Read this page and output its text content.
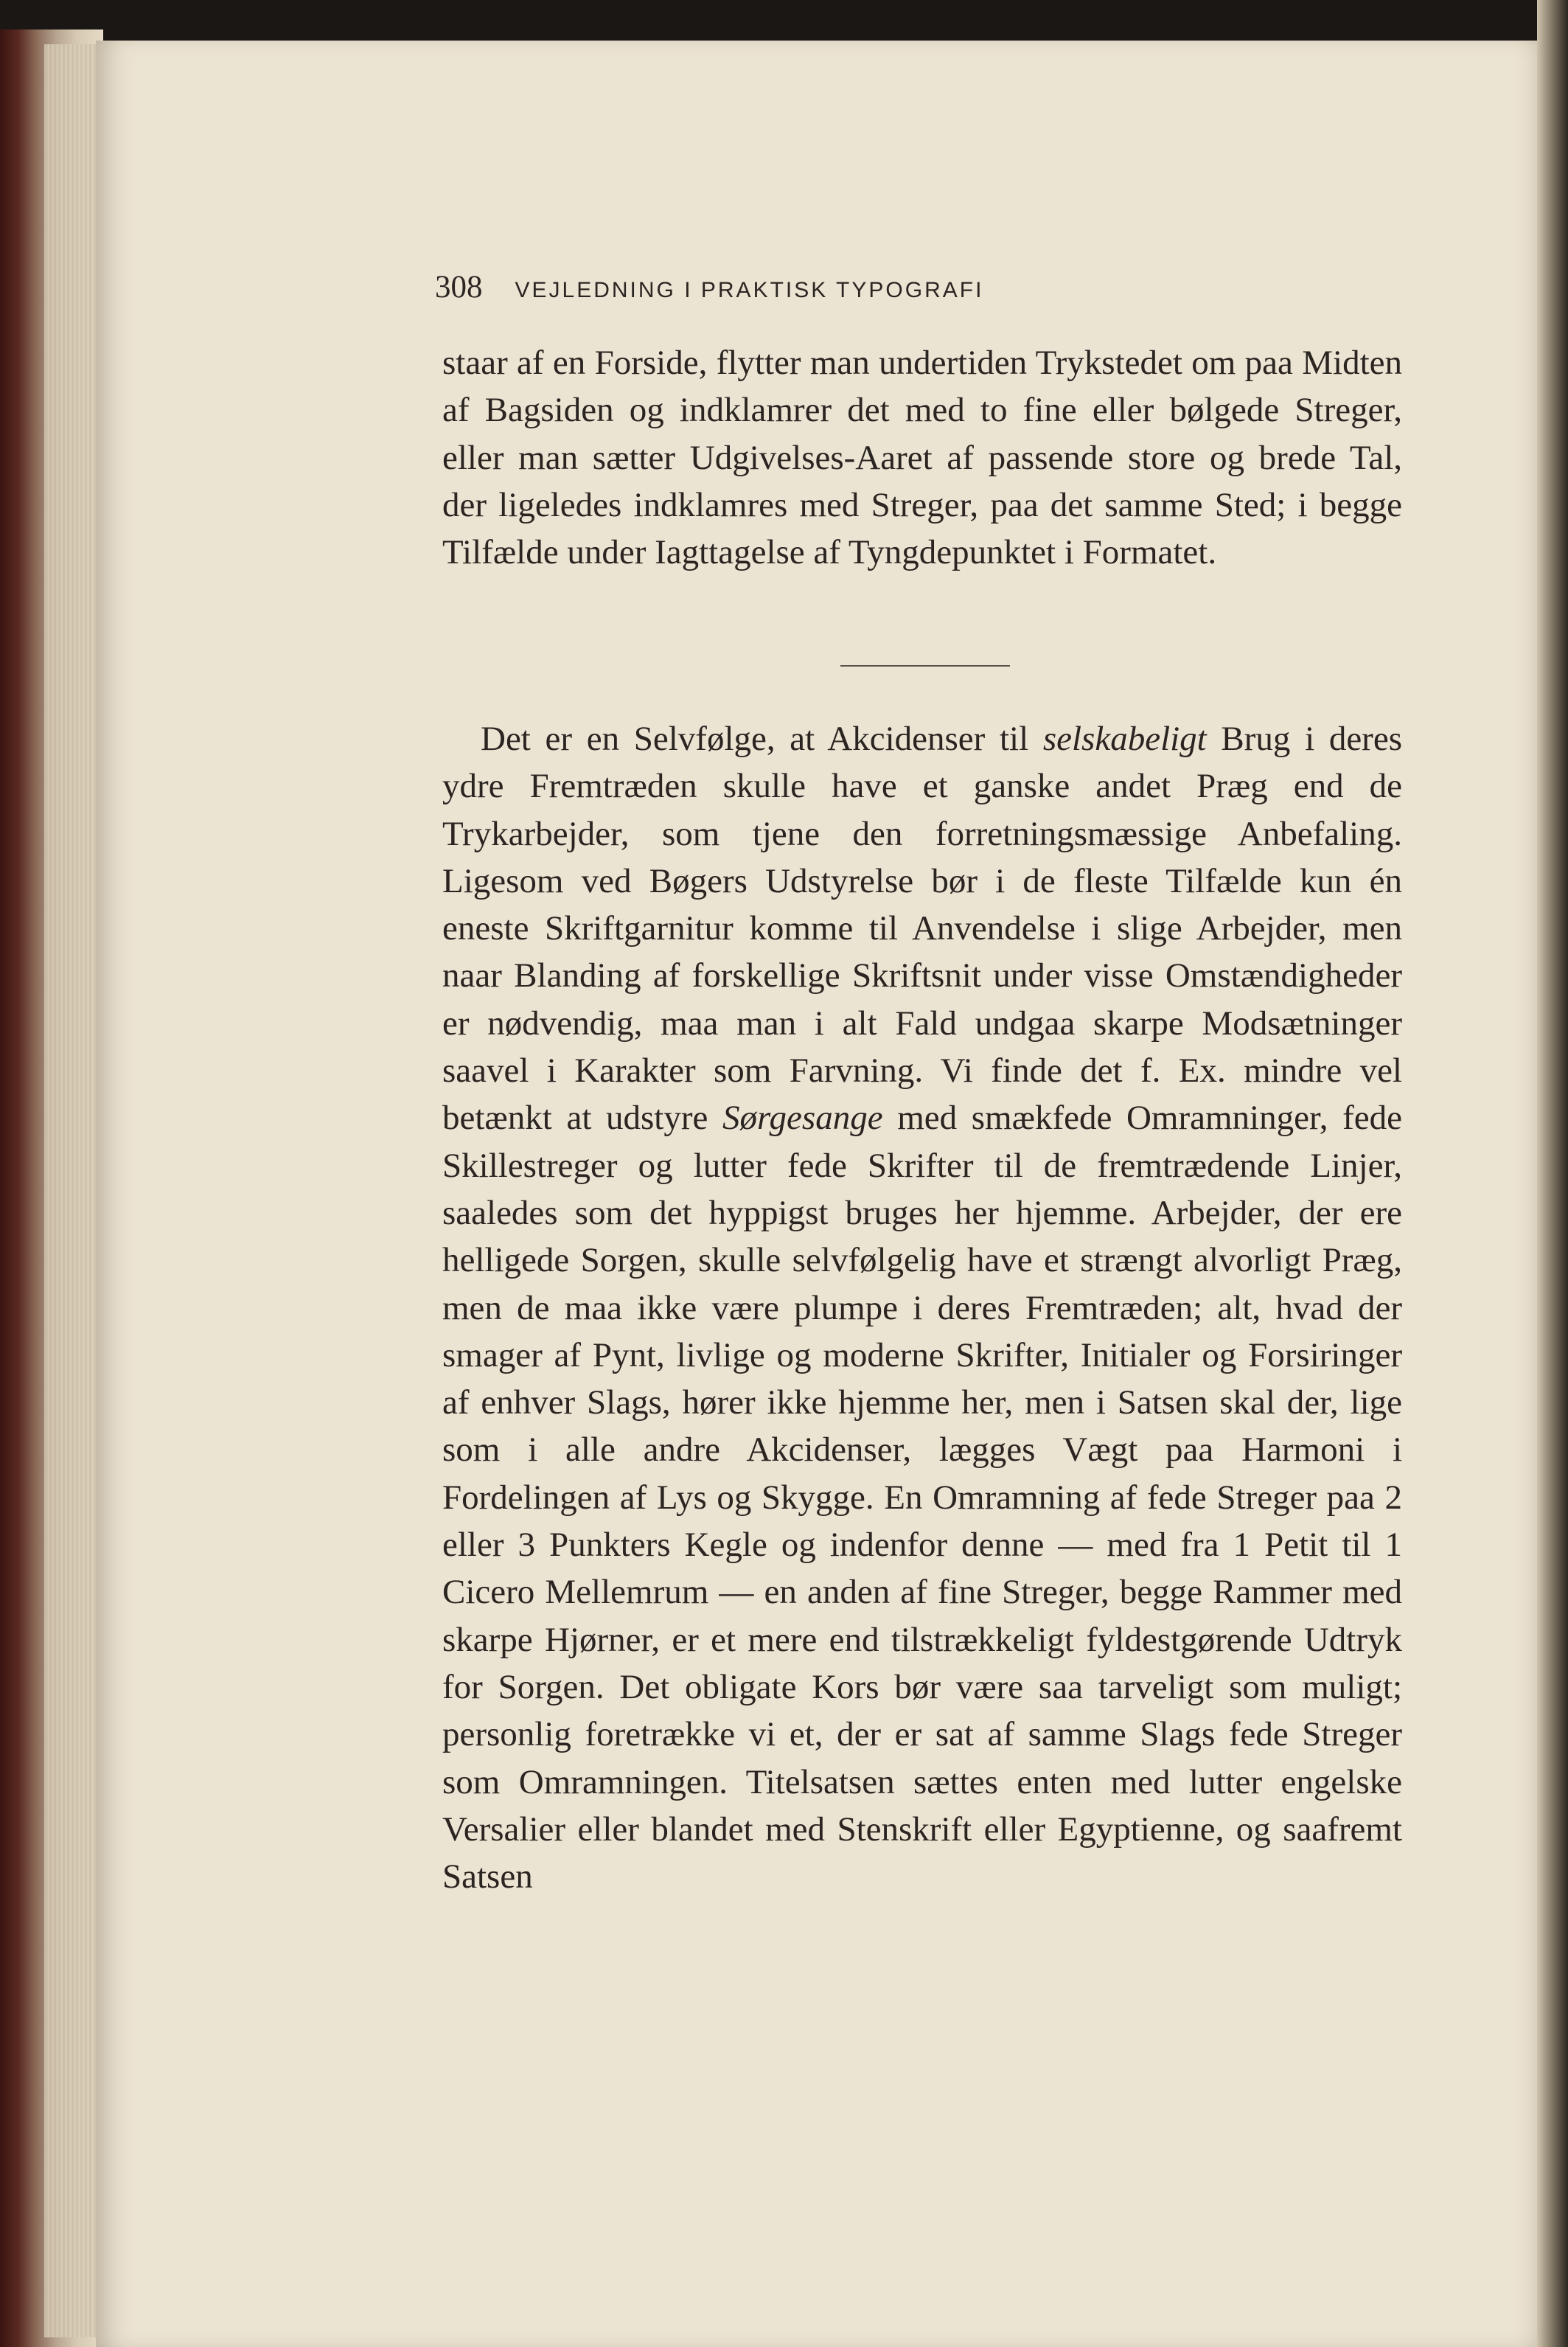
308 VEJLEDNING I PRAKTISK TYPOGRAFI

staar af en Forside, flytter man undertiden Trykstedet om paa Midten af Bagsiden og indklamrer det med to fine eller bølgede Streger, eller man sætter Udgivelses-Aaret af passende store og brede Tal, der ligeledes indklamres med Streger, paa det samme Sted; i begge Tilfælde under Iagttagelse af Tyngdepunktet i Formatet.

Det er en Selvfølge, at Akcidenser til selskabeligt Brug i deres ydre Fremtræden skulle have et ganske andet Præg end de Trykarbejder, som tjene den forretningsmæssige Anbefaling. Ligesom ved Bøgers Udstyrelse bør i de fleste Tilfælde kun én eneste Skriftgarnitur komme til Anvendelse i slige Arbejder, men naar Blanding af forskellige Skriftsnit under visse Omstændigheder er nødvendig, maa man i alt Fald undgaa skarpe Modsætninger saavel i Karakter som Farvning. Vi finde det f. Ex. mindre vel betænkt at udstyre Sørgesange med smækfede Omramninger, fede Skillestreger og lutter fede Skrifter til de fremtrædende Linjer, saaledes som det hyppigst bruges her hjemme. Arbejder, der ere helligede Sorgen, skulle selvfølgelig have et strængt alvorligt Præg, men de maa ikke være plumpe i deres Fremtræden; alt, hvad der smager af Pynt, livlige og moderne Skrifter, Initialer og Forsiringer af enhver Slags, hører ikke hjemme her, men i Satsen skal der, lige som i alle andre Akcidenser, lægges Vægt paa Harmoni i Fordelingen af Lys og Skygge. En Omramning af fede Streger paa 2 eller 3 Punkters Kegle og indenfor denne — med fra 1 Petit til 1 Cicero Mellemrum — en anden af fine Streger, begge Rammer med skarpe Hjørner, er et mere end tilstrækkeligt fyldestgørende Udtryk for Sorgen. Det obligate Kors bør være saa tarveligt som muligt; personlig foretrække vi et, der er sat af samme Slags fede Streger som Omramningen. Titelsatsen sættes enten med lutter engelske Versalier eller blandet med Stenskrift eller Egyptienne, og saafremt Satsen
